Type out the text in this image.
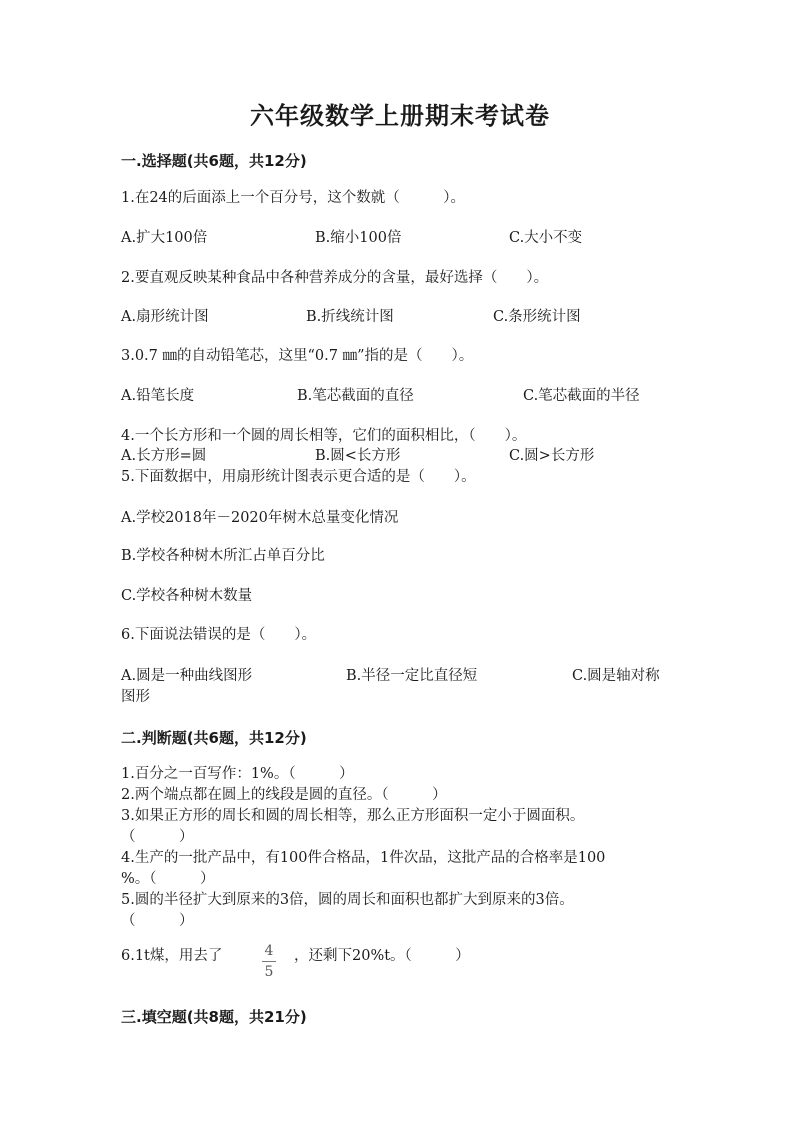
六年级数学上册期末考试卷
一.选择题(共6题，共12分)
1.在24的后面添上一个百分号，这个数就（　　　）。
A.扩大100倍	B.缩小100倍	C.大小不变
2.要直观反映某种食品中各种营养成分的含量，最好选择（　　）。
A.扇形统计图	B.折线统计图	C.条形统计图
3.0.7 ㎜的自动铅笔芯，这里“0.7 ㎜”指的是（　　）。
A.铅笔长度	B.笔芯截面的直径	C.笔芯截面的半径
4.一个长方形和一个圆的周长相等，它们的面积相比，（　　）。
A.长方形=圆	B.圆<长方形	C.圆>长方形
5.下面数据中，用扇形统计图表示更合适的是（　　）。
A.学校2018年－2020年树木总量变化情况
B.学校各种树木所汇占单百分比
C.学校各种树木数量
6.下面说法错误的是（　　）。
A.圆是一种曲线图形	B.半径一定比直径短	C.圆是轴对称
图形
二.判断题(共6题，共12分)
1.百分之一百写作：1%。（　　　）
2.两个端点都在圆上的线段是圆的直径。（　　　）
3.如果正方形的周长和圆的周长相等，那么正方形面积一定小于圆面积。
（　　　）
4.生产的一批产品中，有100件合格品，1件次品，这批产品的合格率是100
%。（　　　）
5.圆的半径扩大到原来的3倍，圆的周长和面积也都扩大到原来的3倍。
（　　　）
6.1t煤，用去了	4
5
，还剩下20%t。（　　　）
三.填空题(共8题，共21分)
